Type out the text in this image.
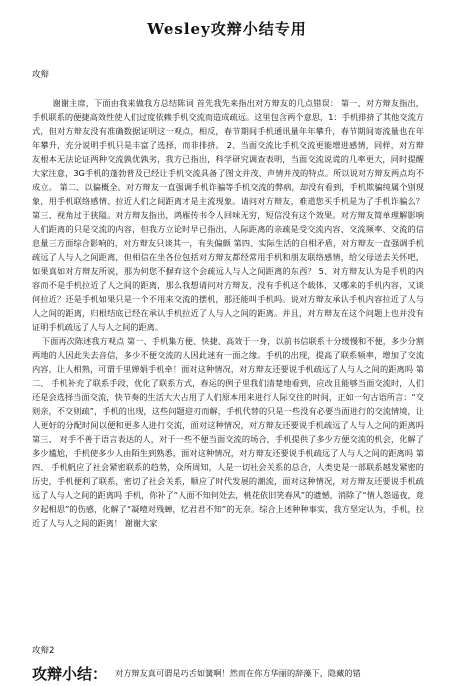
Wesley攻辩小结专用
攻辩

谢谢主席，下面由我来做我方总结陈词 首先我先来指出对方辩友的几点错误： 第一、对方辩友指出，手机联系的便捷高效性使人们过度依赖手机交流而造成疏远。这里包含两个意思，1：手机排挤了其他交流方式，但对方辩友没有准确数据证明这一观点，相反，春节期间手机通讯量年年攀升，春节期间寄流量也在年年攀升，充分说明手机只是丰富了选择，而非排挤。 2、当面交流比手机交流更能增进感情，同样，对方辩友根本无法论证两种交流孰优孰劣，我方已指出，科学研究调查表明，当面交流说谎的几率更大，同时提醒大家注意，3G手机的蓬勃普及已经让手机交流具备了图文并茂、声情并茂的特点。所以说对方辩友两点均不成立。 第二、以偏概全。对方辩友一直强调手机诈骗等手机交流的弊病，却没有看到，手机欺骗纯属个别现象，用手机联络感情、拉近人们之间距离才是主流现象。请问对方辩友，难道您买手机是为了手机诈骗么？ 第三、视角过于狭隘。对方辩友指出，鸿雁传书令人回味无穷，短信没有这个效果。对方辩友简单理解影响人们距离的只是交流的内容，但我方立论时早已指出，人际距离的亲疏是受交流内容、交流频率、交流的信息量三方面综合影响的，对方辩友只谈其一，有失偏颇 第四、实际生活的自相矛盾，对方辩友一直强调手机疏远了人与人之间距离，但相信在坐各位包括对方辩友都经常用手机和朋友联络感情，给父母送去关怀吧，如果真如对方辩友所说，那为何您不摒弃这个会疏远人与人之间距离的东西？ 5、对方辩友认为是手机的内容而不是手机拉近了人之间的距离，那么我想请问对方辩友，没有手机这个载体，又哪来的手机内容，又谈何拉近？还是手机如果只是一个不用来交流的摆机，那还能叫手机吗。说对方辩友承认手机内容拉近了人与人之间的距离，归根结底已经在承认手机拉近了人与人之间的距离。并且，对方辩友在这个问题上也并没有证明手机疏远了人与人之间的距离。

下面再次陈述我方观点 第一、手机集方便、快捷、高效于一身，以前书信联系十分缓慢和不便，多少分割两地的人因此失去音信，多少不便交流的人因此迷有一面之缘。手机的出现，提高了联系频率，增加了交流内容，让人相熟，可谓千里婵娟手机牵！面对这种情况，对方辩友还要说手机疏远了人与人之间的距离吗 第二、 手机补充了联系手段，优化了联系方式，春运的例子里我们清楚地看到，应改且能够当面交流时，人们还是会选择当面交流，快节奏的生活大大占用了人们原本用来进行人际交往的时间，正如一句古语所言：“交则亲，不交则疏”，手机的出现，这些问题迎刃而解，手机代替的只是一些没有必要当面进行的交流情境，让人更好的分配时间以便和更多人进行交流，面对这种情况，对方辩友还要说手机疏远了人与人之间的距离吗 第三、 对手不善于语言表达的人，对于一些不便当面交流的场合，手机提供了多少方便交流的机会，化解了多少尴尬，手机使多少人由陌生到熟悉，面对这种情况，对方辩友还要说手机疏远了人与人之间的距离吗 第四、 手机帆应了社会紧密联系的趋势，众所周知，人是一切社会关系的总合，人类史是一部联系越发紧密的历史，手机便利了联系，密切了社会关系，顺应了时代发展的潮流，面对这种情况，对方辩友还要说手机疏远了人与人之间的距离吗 手机，你补了“人面不知何处去，桃花依旧笑春风”的遗憾，消除了“情人怨遥夜，竟夕起相思”的伤感，化解了“凝噎对残蝉，忆君君不知”的无奈。综合上述种种事实，我方坚定认为，手机，拉近了人与人之间的距离！ 谢谢大家

攻辩2
攻辩小结： 对方辩友真可谓是巧舌如簧啊！然而在你方华丽的辞藻下，隐藏的错
